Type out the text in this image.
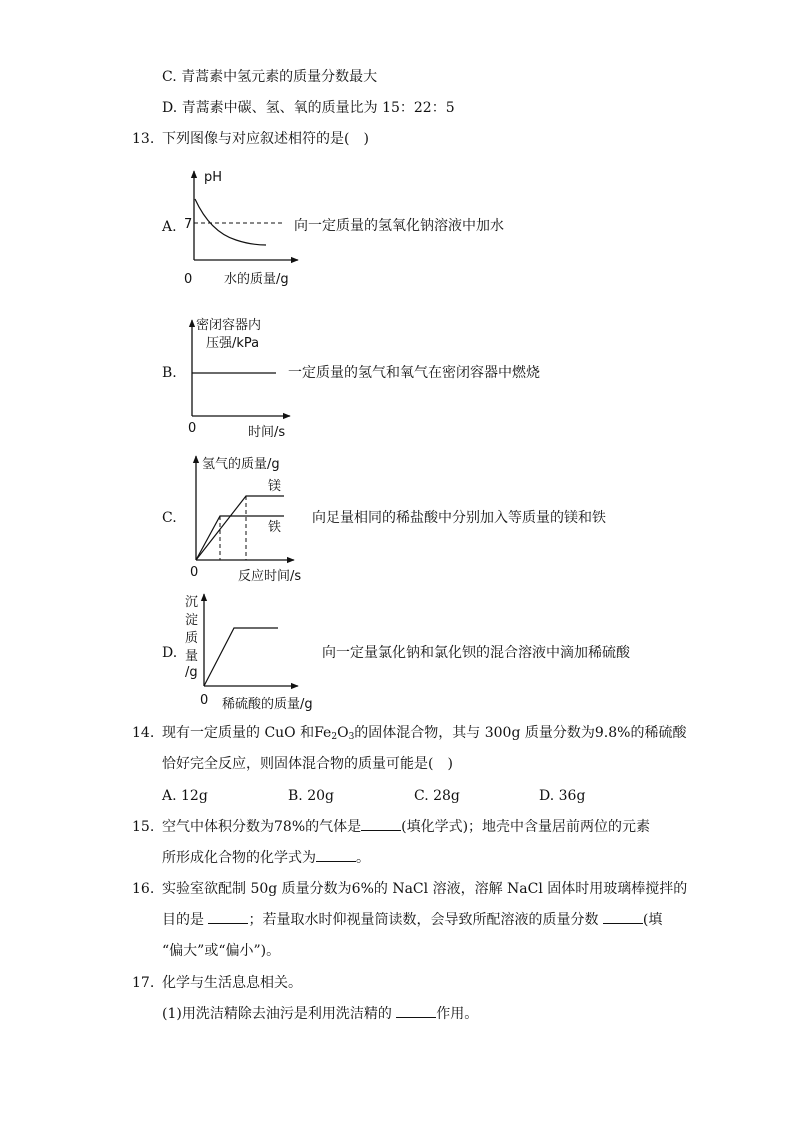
C. 青蒿素中氢元素的质量分数最大
D. 青蒿素中碳、氢、氧的质量比为 15：22：5
13. 下列图像与对应叙述相符的是(　)
A.
pH
7
0 水的质量/g
向一定质量的氢氧化钠溶液中加水
B.
密闭容器内
压强/kPa
0	时间/s
一定质量的氢气和氧气在密闭容器中燃烧
C.
氢气的质量/g
镁
铁
0	反应时间/s
向足量相同的稀盐酸中分别加入等质量的镁和铁
D.
沉
淀
质
量
/g
0 稀硫酸的质量/g
向一定量氯化钠和氯化钡的混合溶液中滴加稀硫酸
14. 现有一定质量的 CuO 和$Fe_2O_3$的固体混合物，其与 300g 质量分数为9.8%的稀硫酸
恰好完全反应，则固体混合物的质量可能是(　)
A. 12g	B. 20g	C. 28g	D. 36g
15. 空气中体积分数为78%的气体是	(填化学式)；地壳中含量居前两位的元素
所形成化合物的化学式为	。
16. 实验室欲配制 50g 质量分数为6%的 NaCl 溶液，溶解 NaCl 固体时用玻璃棒搅拌的
目的是	；若量取水时仰视量筒读数，会导致所配溶液的质量分数	(填
“偏大”或“偏小”)。
17. 化学与生活息息相关。
(1)用洗洁精除去油污是利用洗洁精的	作用。
